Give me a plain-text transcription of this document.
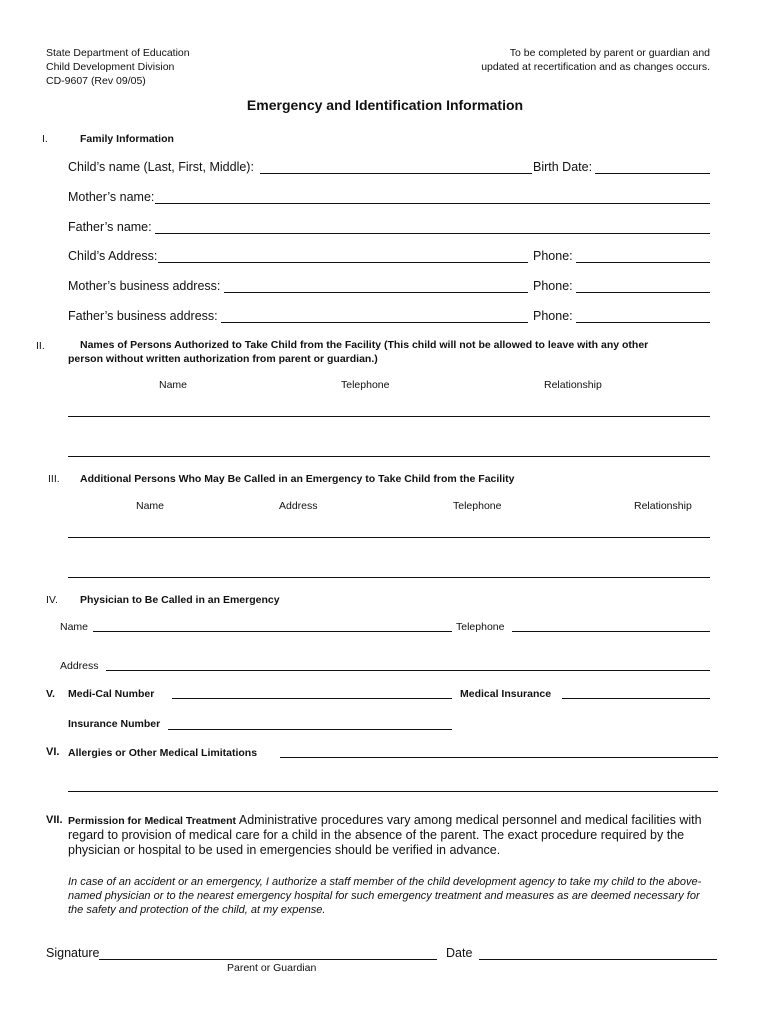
State Department of Education
Child Development Division
CD-9607 (Rev 09/05)
To be completed by parent or guardian and
updated at recertification and as changes occurs.
Emergency and Identification Information
I.	Family Information
Child’s name (Last, First, Middle):	Birth Date:
Mother’s name:
Father’s name:
Child’s Address:	Phone:
Mother’s business address:	Phone:
Father’s business address:	Phone:
II.	Names of Persons Authorized to Take Child from the Facility (This child will not be allowed to leave with any other
person without written authorization from parent or guardian.)
Name	Telephone	Relationship
III. Additional Persons Who May Be Called in an Emergency to Take Child from the Facility
Name	Address	Telephone	Relationship
IV. Physician to Be Called in an Emergency
Name	Telephone
Address
V. Medi-Cal Number	Medical Insurance
Insurance Number
VI. Allergies or Other Medical Limitations
VII. Permission for Medical Treatment Administrative procedures vary among medical personnel and medical facilities with
regard to provision of medical care for a child in the absence of the parent. The exact procedure required by the
physician or hospital to be used in emergencies should be verified in advance.
In case of an accident or an emergency, I authorize a staff member of the child development agency to take my child to the above-
named physician or to the nearest emergency hospital for such emergency treatment and measures as are deemed necessary for
the safety and protection of the child, at my expense.
Signature	Date
Parent or Guardian
